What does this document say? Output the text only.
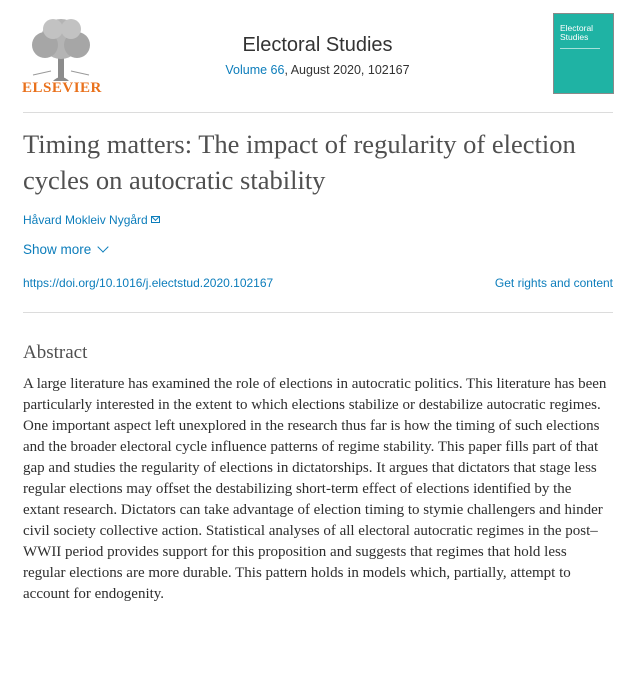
ELSEVIER
Electoral Studies
Volume 66, August 2020, 102167
Electoral Studies
Timing matters: The impact of regularity of election cycles on autocratic stability
Håvard Mokleiv Nygård
Show more
https://doi.org/10.1016/j.electstud.2020.102167	Get rights and content
Abstract

A large literature has examined the role of elections in autocratic politics. This literature has been particularly interested in the extent to which elections stabilize or destabilize autocratic regimes. One important aspect left unexplored in the research thus far is how the timing of such elections and the broader electoral cycle influence patterns of regime stability. This paper fills part of that gap and studies the regularity of elections in dictatorships. It argues that dictators that stage less regular elections may offset the destabilizing short-term effect of elections identified by the extant research. Dictators can take advantage of election timing to stymie challengers and hinder civil society collective action. Statistical analyses of all electoral autocratic regimes in the post–WWII period provides support for this proposition and suggests that regimes that hold less regular elections are more durable. This pattern holds in models which, partially, attempt to account for endogenity.
